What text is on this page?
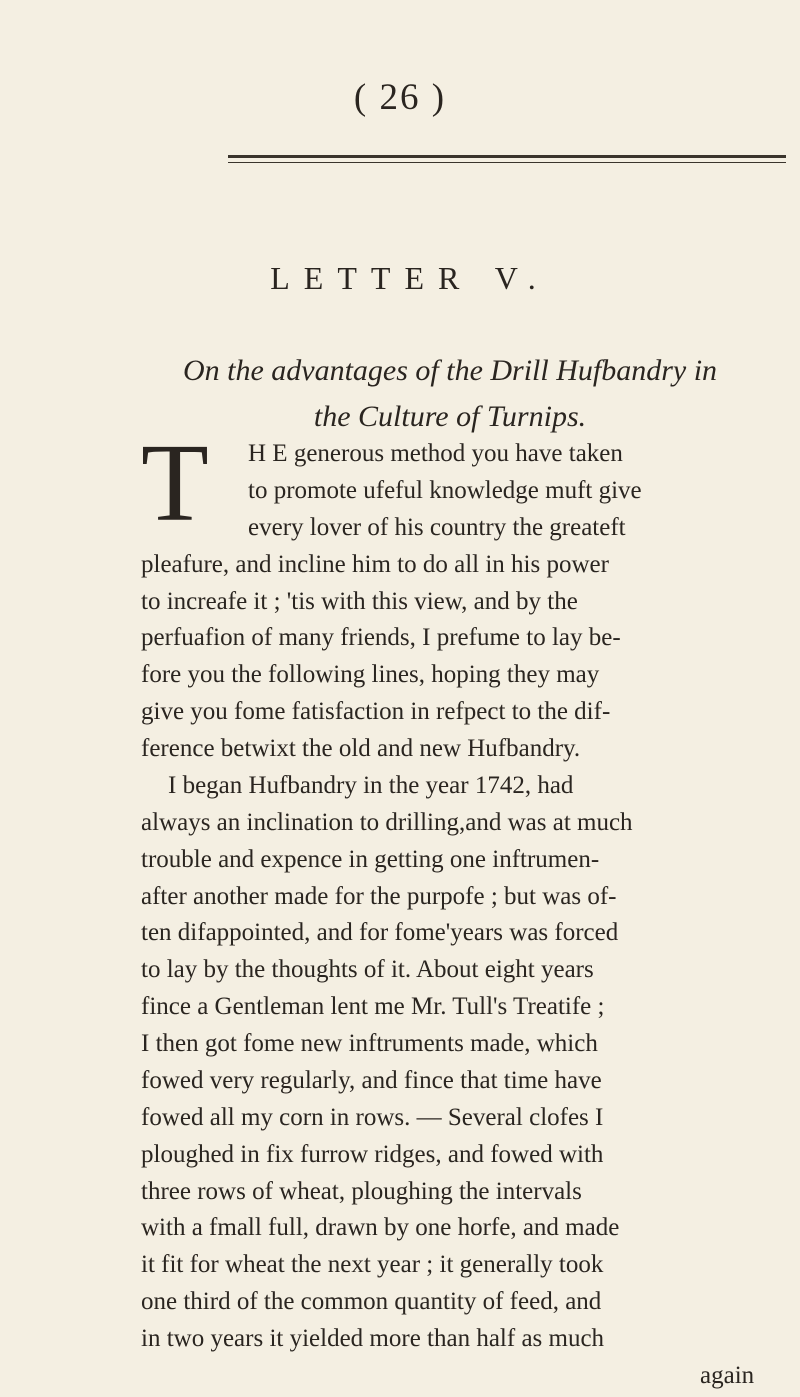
( 26 )
LETTER V.
On the advantages of the Drill Hufbandry in
the Culture of Turnips.
T H E generous method you have taken
to promote ufeful knowledge muft give
every lover of his country the greateft
pleafure, and incline him to do all in his power
to increafe it ; 'tis with this view, and by the
perfuafion of many friends, I prefume to lay be-
fore you the following lines, hoping they may
give you fome fatisfaction in refpect to the dif-
ference betwixt the old and new Hufbandry.
I began Hufbandry in the year 1742, had
always an inclination to drilling,and was at much
trouble and expence in getting one inftrumen-
after another made for the purpofe ; but was of-
ten difappointed, and for fome'years was forced
to lay by the thoughts of it. About eight years
fince a Gentleman lent me Mr. Tull's Treatife ;
I then got fome new inftruments made, which
fowed very regularly, and fince that time have
fowed all my corn in rows. — Several clofes I
ploughed in fix furrow ridges, and fowed with
three rows of wheat, ploughing the intervals
with a fmall full, drawn by one horfe, and made
it fit for wheat the next year ; it generally took
one third of the common quantity of feed, and
in two years it yielded more than half as much
again
